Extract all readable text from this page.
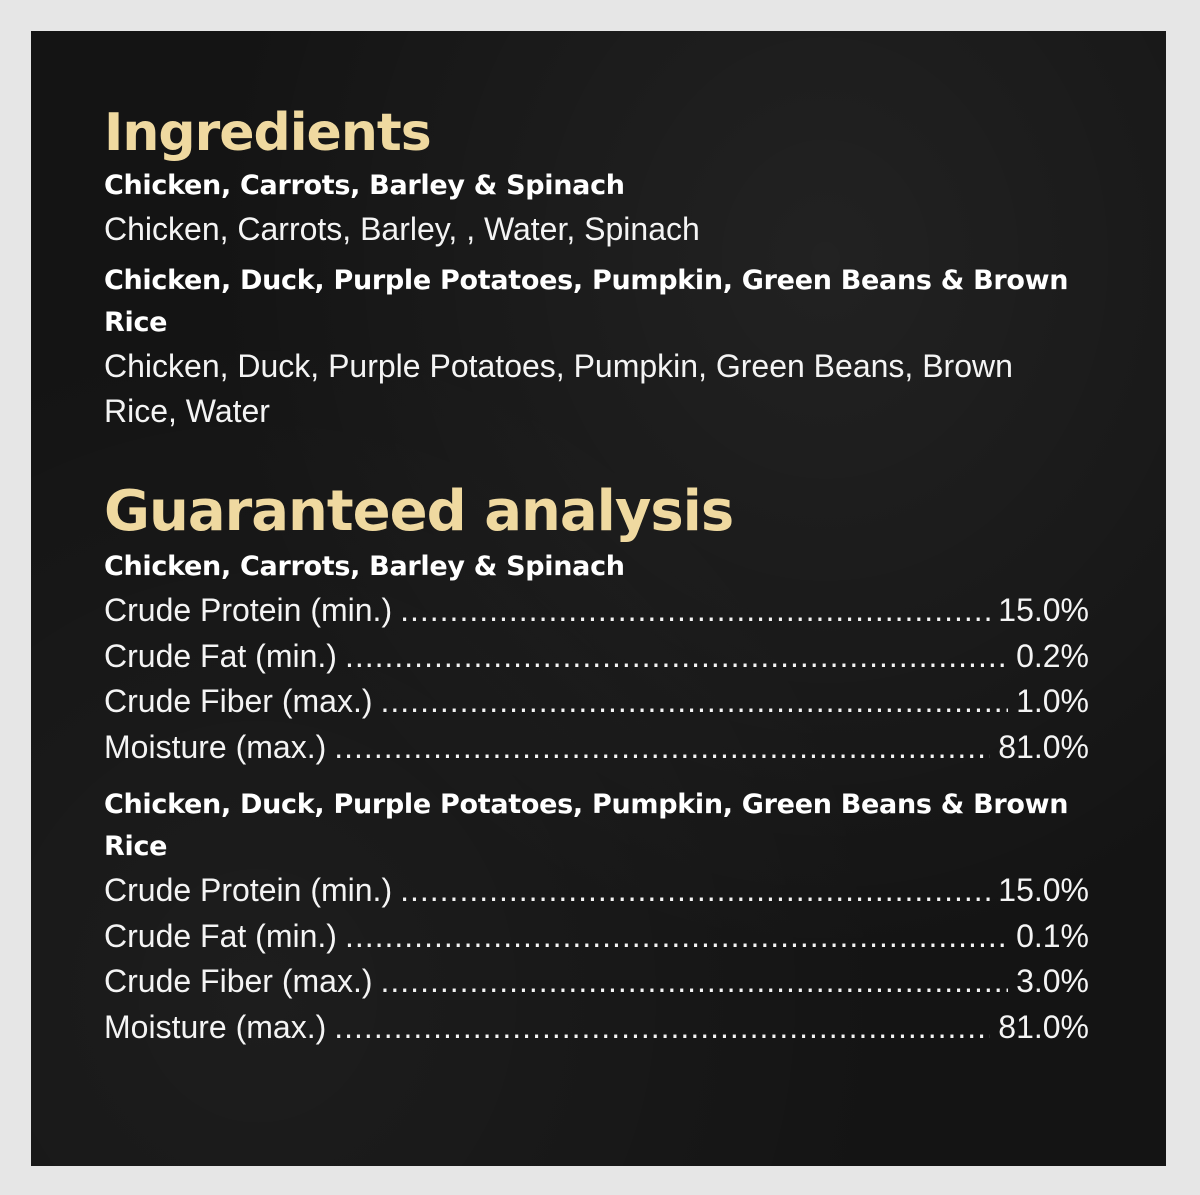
Ingredients

Chicken, Carrots, Barley & Spinach

Chicken, Carrots, Barley, , Water, Spinach

Chicken, Duck, Purple Potatoes, Pumpkin, Green Beans & Brown Rice

Chicken, Duck, Purple Potatoes, Pumpkin, Green Beans, Brown Rice, Water

Guaranteed analysis

Chicken, Carrots, Barley & Spinach

Crude Protein (min.) .....	15.0%
Crude Fat (min.) .....	0.2%
Crude Fiber (max.) .....	1.0%
Moisture (max.) .....	81.0%

Chicken, Duck, Purple Potatoes, Pumpkin, Green Beans & Brown Rice

Crude Protein (min.) .....	15.0%
Crude Fat (min.) .....	0.1%
Crude Fiber (max.) .....	3.0%
Moisture (max.) .....	81.0%
